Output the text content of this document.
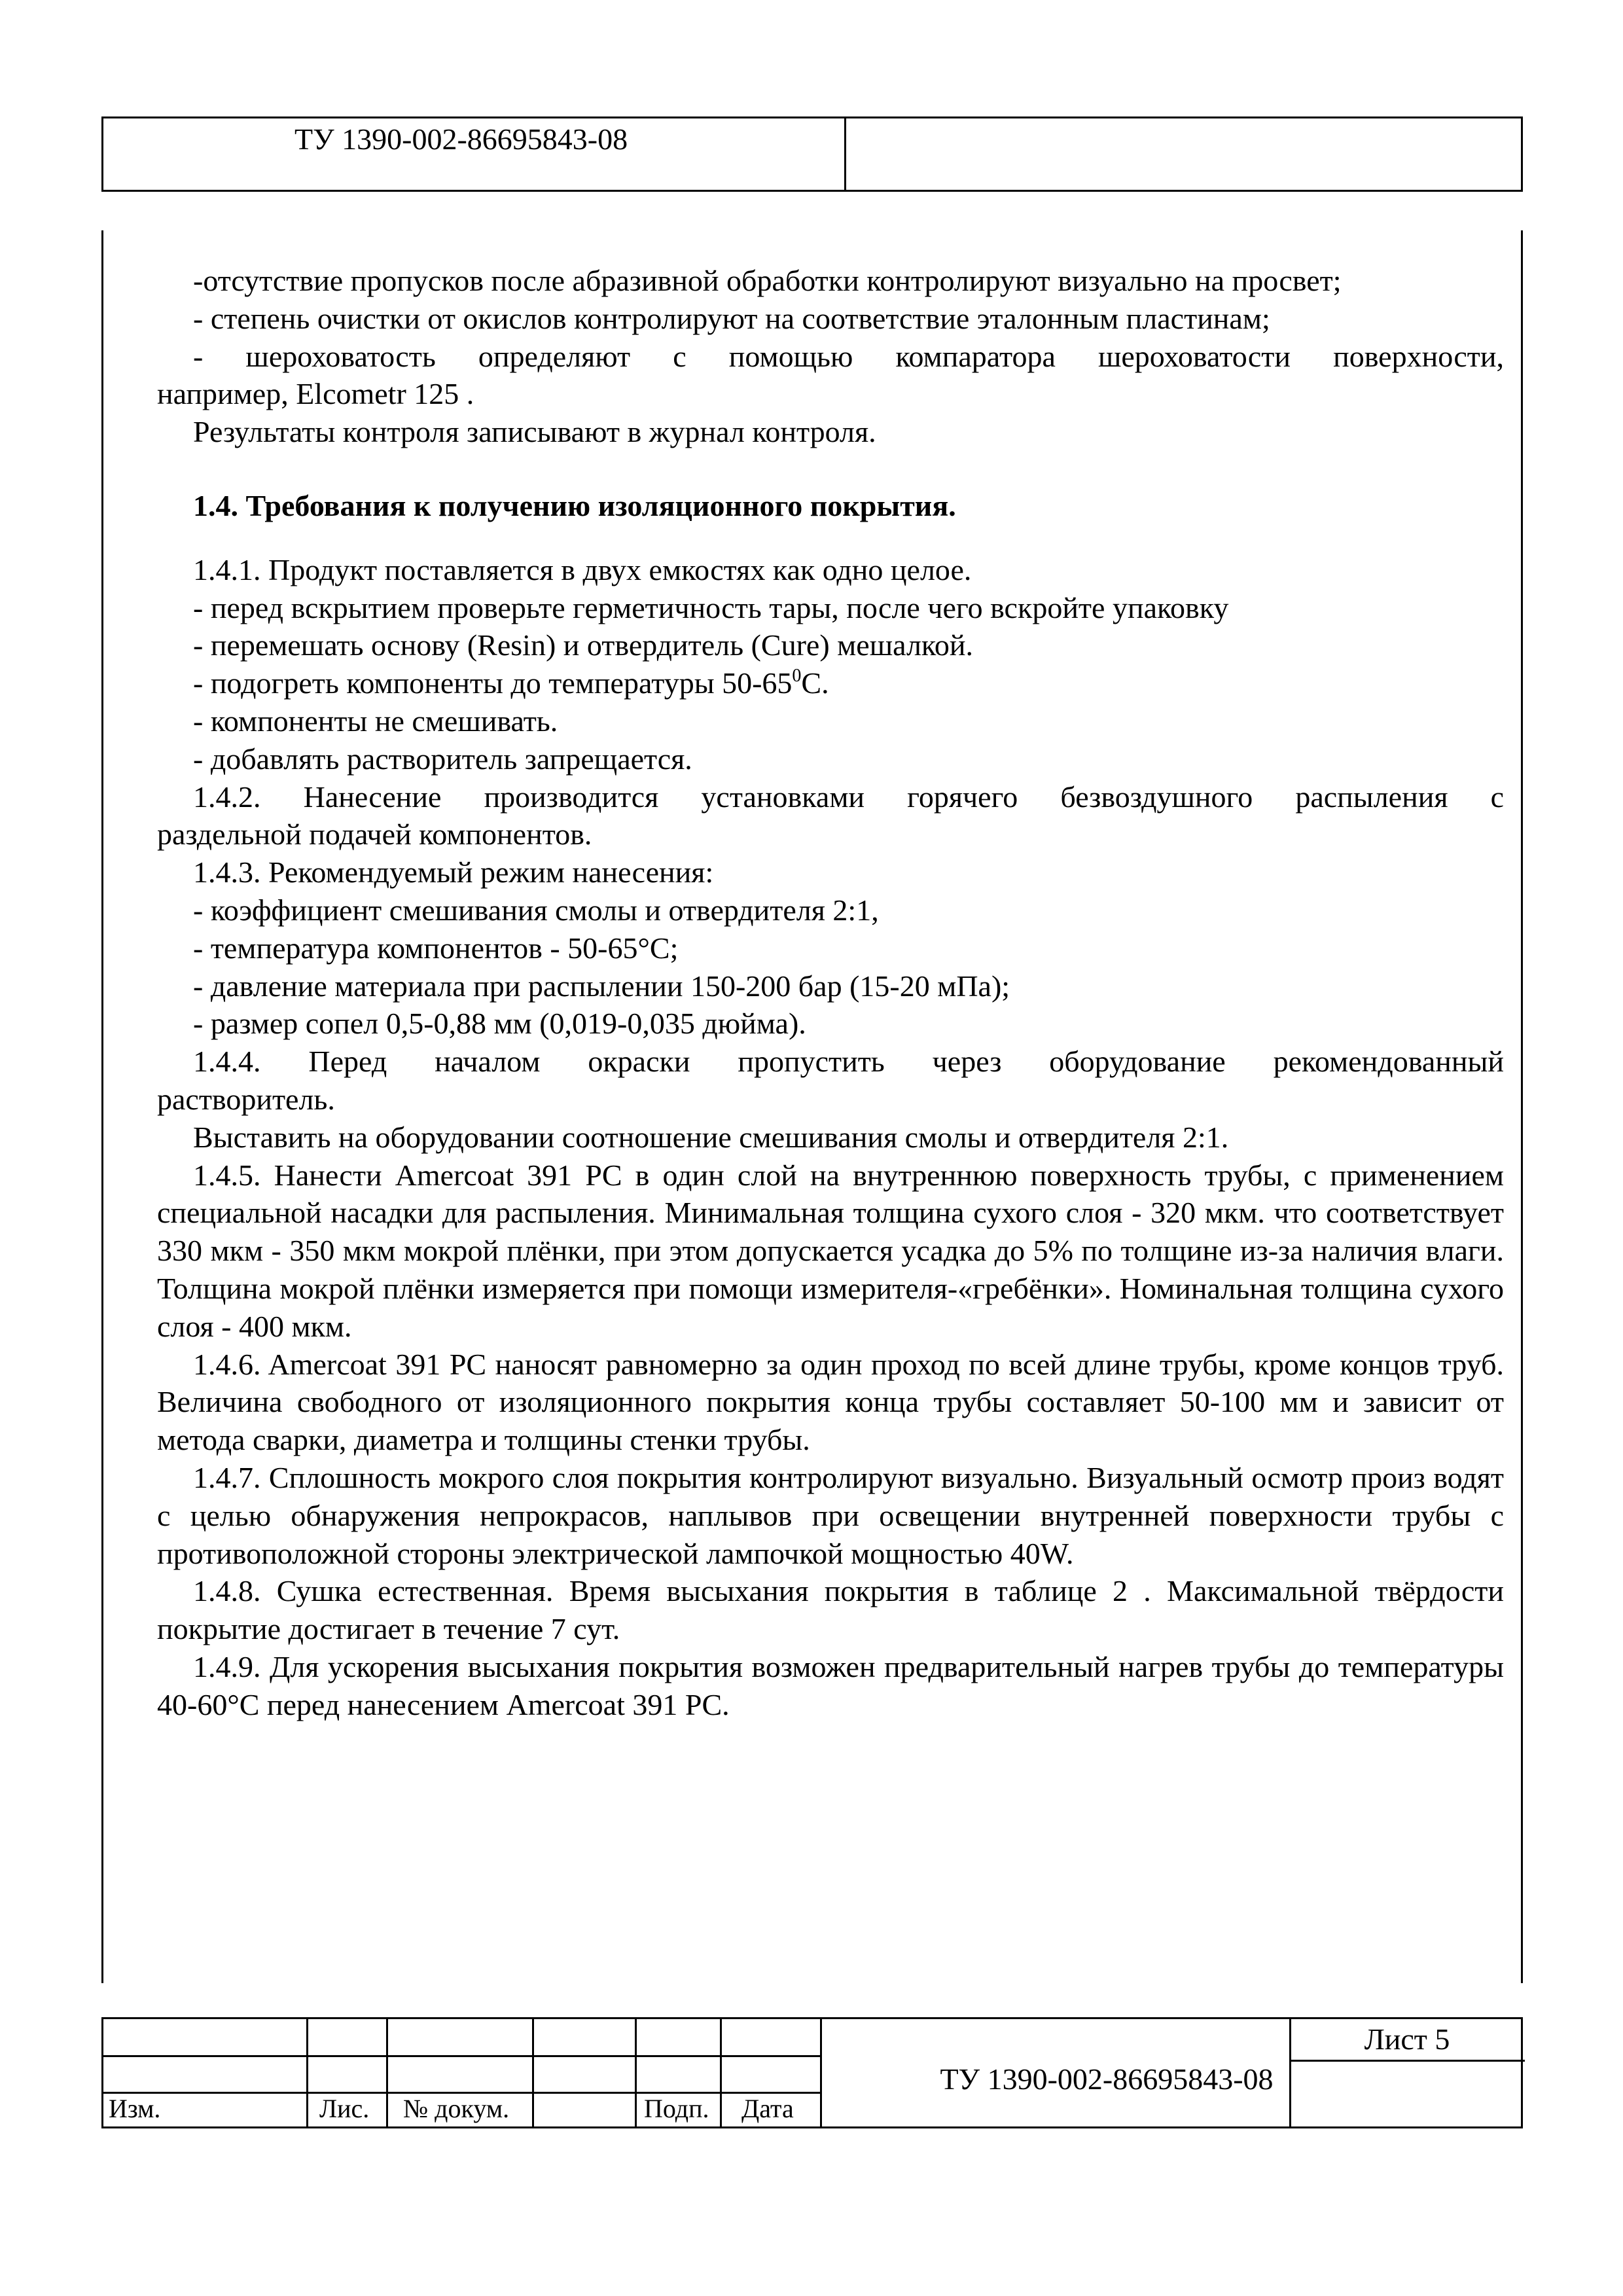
ТУ 1390-002-86695843-08

-отсутствие пропусков после абразивной обработки контролируют визуально на просвет;

- степень очистки от окислов контролируют на соответствие эталонным пластинам;

- шероховатость определяют с помощью компаратора шероховатости поверхности,

например, Elcometr 125 .

Результаты контроля записывают в журнал контроля.

1.4. Требования к получению изоляционного покрытия.

1.4.1. Продукт поставляется в двух емкостях как одно целое.

- перед вскрытием проверьте герметичность тары, после чего вскройте упаковку

- перемешать основу (Resin) и отвердитель (Cure) мешалкой.

- подогреть компоненты до температуры $50-65^0С$.

- компоненты не смешивать.

- добавлять растворитель запрещается.

1.4.2. Нанесение производится установками горячего безвоздушного распыления с

раздельной подачей компонентов.

1.4.3. Рекомендуемый режим нанесения:

- коэффициент смешивания смолы и отвердителя 2:1,

- температура компонентов - 50-65°С;

- давление материала при распылении 150-200 бар (15-20 мПа);

- размер сопел 0,5-0,88 мм (0,019-0,035 дюйма).

1.4.4. Перед началом окраски пропустить через оборудование рекомендованный

растворитель.

Выставить на оборудовании соотношение смешивания смолы и отвердителя 2:1.

1.4.5. Нанести Amercoat 391 PC в один слой на внутреннюю поверхность трубы, с применением специальной насадки для распыления. Минимальная толщина сухого слоя - 320 мкм. что соответствует 330 мкм - 350 мкм мокрой плёнки, при этом допускается усадка до 5% по толщине из-за наличия влаги. Толщина мокрой плёнки измеряется при помощи измерителя-«гребёнки». Номинальная толщина сухого слоя - 400 мкм.

1.4.6. Amercoat 391 PC наносят равномерно за один проход по всей длине трубы, кроме концов труб. Величина свободного от изоляционного покрытия конца трубы составляет 50-100 мм и зависит от метода сварки, диаметра и толщины стенки трубы.

1.4.7. Сплошность мокрого слоя покрытия контролируют визуально. Визуальный осмотр произ водят с целью обнаружения непрокрасов, наплывов при освещении внутренней поверхности трубы с противоположной стороны электрической лампочкой мощностью 40W.

1.4.8. Сушка естественная. Время высыхания покрытия в таблице 2 . Максимальной твёрдости покрытие достигает в течение 7 сут.

1.4.9. Для ускорения высыхания покрытия возможен предварительный нагрев трубы до температуры 40-60°С перед нанесением Amercoat 391 PC.

Изм.	Лис. № докум.	Подп. Дата
ТУ 1390-002-86695843-08
Лист 5
